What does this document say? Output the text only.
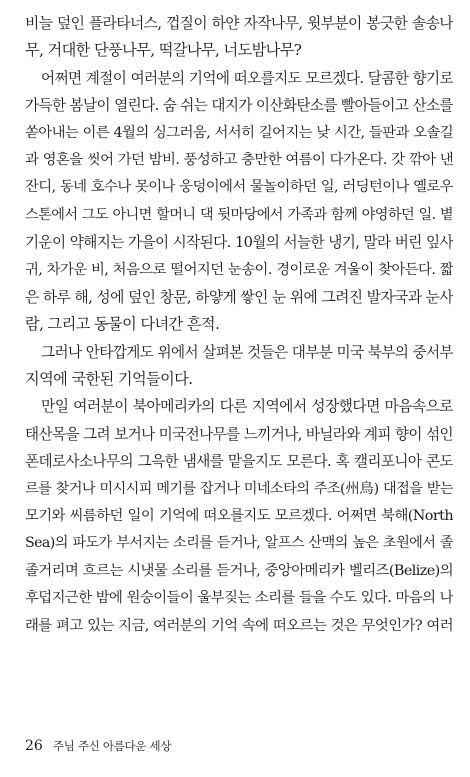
비늘 덮인 플라타너스, 껍질이 하얀 자작나무, 윗부분이 봉긋한 솔송나
무, 거대한 단풍나무, 떡갈나무, 너도밤나무?
어쩌면 계절이 여러분의 기억에 떠오를지도 모르겠다. 달콤한 향기로
가득한 봄날이 열린다. 숨 쉬는 대지가 이산화탄소를 빨아들이고 산소를
쏟아내는 이른 4월의 싱그러움, 서서히 길어지는 낮 시간, 들판과 오솔길
과 영혼을 씻어 가던 밤비. 풍성하고 충만한 여름이 다가온다. 갓 깎아 낸
잔디, 동네 호수나 못이나 웅덩이에서 물놀이하던 일, 러딩턴이나 옐로우
스톤에서 그도 아니면 할머니 댁 뒷마당에서 가족과 함께 야영하던 일. 볕
기운이 약해지는 가을이 시작된다. 10월의 서늘한 냉기, 말라 버린 잎사
귀, 차가운 비, 처음으로 떨어지던 눈송이. 경이로운 겨울이 찾아든다. 짧
은 하루 해, 성에 덮인 창문, 하얗게 쌓인 눈 위에 그려진 발자국과 눈사
람, 그리고 동물이 다녀간 흔적.
그러나 안타깝게도 위에서 살펴본 것들은 대부분 미국 북부의 중서부
지역에 국한된 기억들이다.
만일 여러분이 북아메리카의 다른 지역에서 성장했다면 마음속으로
태산목을 그려 보거나 미국전나무를 느끼거나, 바닐라와 계피 향이 섞인
폰데로사소나무의 그윽한 냄새를 맡을지도 모른다. 혹 캘리포니아 콘도
르를 찾거나 미시시피 메기를 잡거나 미네소타의 주조(州鳥) 대접을 받는
모기와 씨름하던 일이 기억에 떠오를지도 모르겠다. 어쩌면 북해(North
Sea)의 파도가 부서지는 소리를 듣거나, 알프스 산맥의 높은 초원에서 졸
졸거리며 흐르는 시냇물 소리를 듣거나, 중앙아메리카 벨리즈(Belize)의
후덥지근한 밤에 원숭이들이 울부짖는 소리를 들을 수도 있다. 마음의 나
래를 펴고 있는 지금, 여러분의 기억 속에 떠오르는 것은 무엇인가? 여러
26 주님 주신 아름다운 세상
